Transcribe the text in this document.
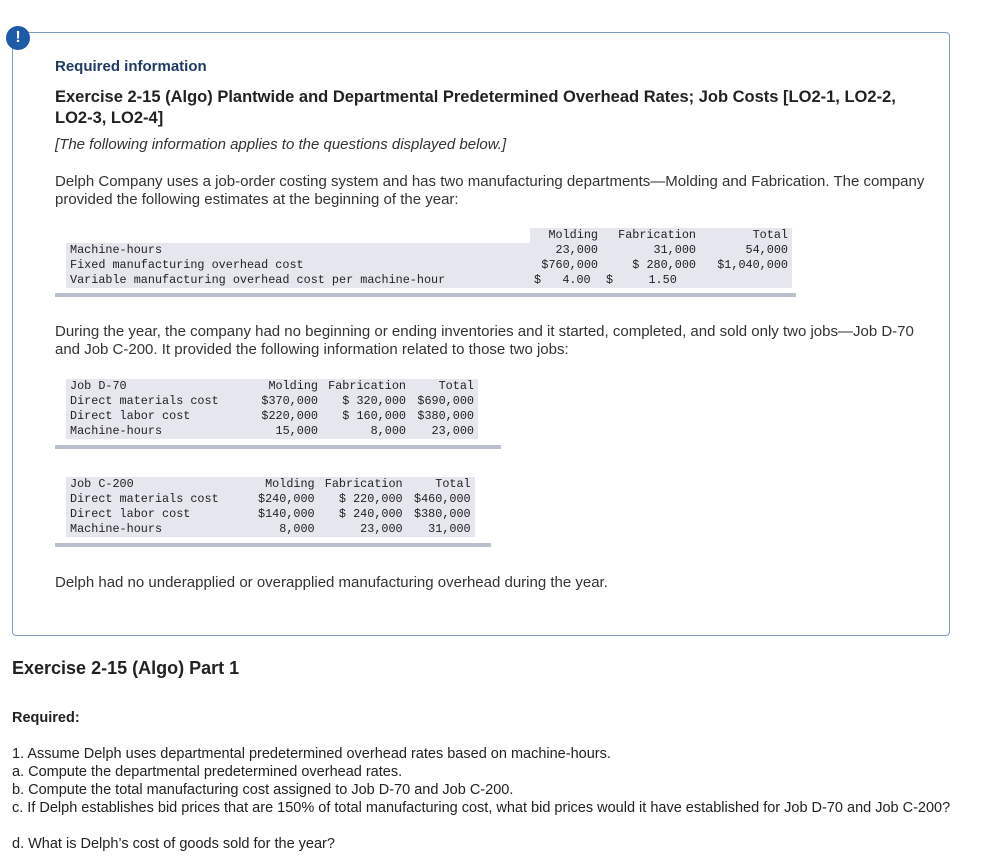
Required information
Exercise 2-15 (Algo) Plantwide and Departmental Predetermined Overhead Rates; Job Costs [LO2-1, LO2-2, LO2-3, LO2-4]
[The following information applies to the questions displayed below.]
Delph Company uses a job-order costing system and has two manufacturing departments—Molding and Fabrication. The company provided the following estimates at the beginning of the year:
	Molding	Fabrication	Total
Machine-hours	23,000	31,000	54,000
Fixed manufacturing overhead cost	$760,000	$ 280,000	$1,040,000
Variable manufacturing overhead cost per machine-hour	$   4.00	$     1.50	
During the year, the company had no beginning or ending inventories and it started, completed, and sold only two jobs—Job D-70 and Job C-200. It provided the following information related to those two jobs:
Job D-70	Molding	Fabrication	Total
Direct materials cost	$370,000	$ 320,000	$690,000
Direct labor cost	$220,000	$ 160,000	$380,000
Machine-hours	15,000	8,000	23,000
Job C-200	Molding	Fabrication	Total
Direct materials cost	$240,000	$ 220,000	$460,000
Direct labor cost	$140,000	$ 240,000	$380,000
Machine-hours	8,000	23,000	31,000
Delph had no underapplied or overapplied manufacturing overhead during the year.
!
Exercise 2-15 (Algo) Part 1
Required:
1. Assume Delph uses departmental predetermined overhead rates based on machine-hours.
a. Compute the departmental predetermined overhead rates.
b. Compute the total manufacturing cost assigned to Job D-70 and Job C-200.
c. If Delph establishes bid prices that are 150% of total manufacturing cost, what bid prices would it have established for Job D-70 and Job C-200?
d. What is Delph’s cost of goods sold for the year?
